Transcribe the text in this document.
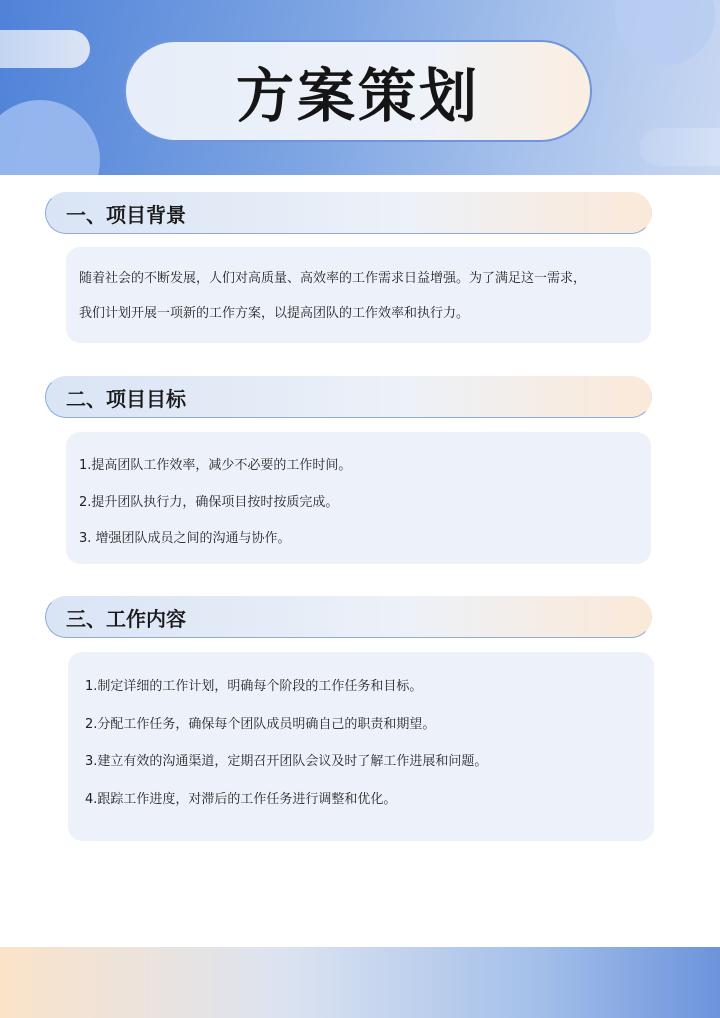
方案策划
一、项目背景

随着社会的不断发展，人们对高质量、高效率的工作需求日益增强。为了满足这一需求，

我们计划开展一项新的工作方案，以提高团队的工作效率和执行力。

二、项目目标

1.提高团队工作效率，减少不必要的工作时间。

2.提升团队执行力，确保项目按时按质完成。

3. 增强团队成员之间的沟通与协作。

三、工作内容

1.制定详细的工作计划，明确每个阶段的工作任务和目标。

2.分配工作任务，确保每个团队成员明确自己的职责和期望。

3.建立有效的沟通渠道，定期召开团队会议及时了解工作进展和问题。

4.跟踪工作进度，对滞后的工作任务进行调整和优化。
